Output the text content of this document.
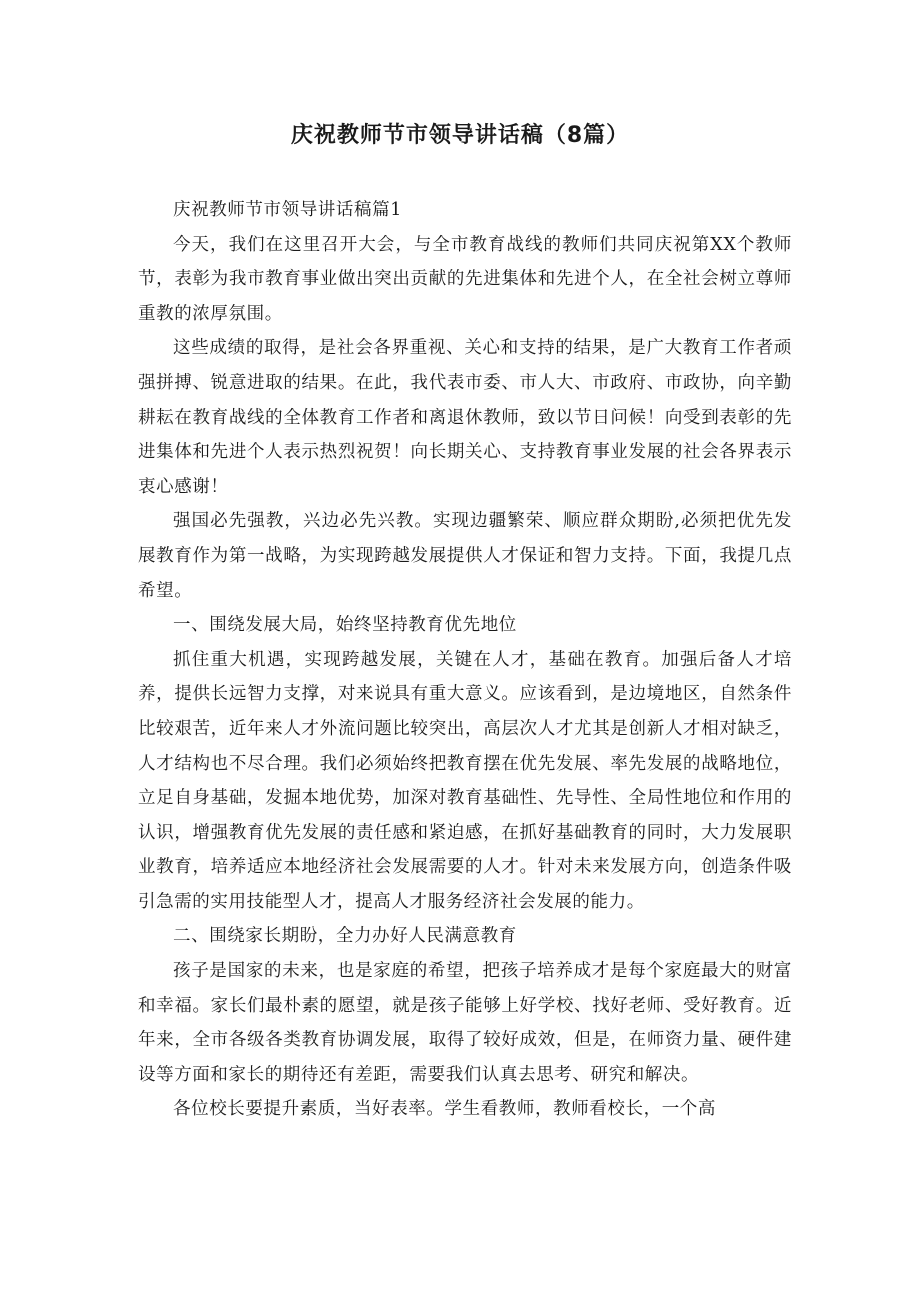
庆祝教师节市领导讲话稿（8篇）

庆祝教师节市领导讲话稿篇1

今天，我们在这里召开大会，与全市教育战线的教师们共同庆祝第XX个教师节，表彰为我市教育事业做出突出贡献的先进集体和先进个人，在全社会树立尊师重教的浓厚氛围。

这些成绩的取得，是社会各界重视、关心和支持的结果，是广大教育工作者顽强拼搏、锐意进取的结果。在此，我代表市委、市人大、市政府、市政协，向辛勤耕耘在教育战线的全体教育工作者和离退休教师，致以节日问候！向受到表彰的先进集体和先进个人表示热烈祝贺！向长期关心、支持教育事业发展的社会各界表示衷心感谢！

强国必先强教，兴边必先兴教。实现边疆繁荣、顺应群众期盼,必须把优先发展教育作为第一战略，为实现跨越发展提供人才保证和智力支持。下面，我提几点希望。

一、围绕发展大局，始终坚持教育优先地位

抓住重大机遇，实现跨越发展，关键在人才，基础在教育。加强后备人才培养，提供长远智力支撑，对来说具有重大意义。应该看到，是边境地区，自然条件比较艰苦，近年来人才外流问题比较突出，高层次人才尤其是创新人才相对缺乏，人才结构也不尽合理。我们必须始终把教育摆在优先发展、率先发展的战略地位，立足自身基础，发掘本地优势，加深对教育基础性、先导性、全局性地位和作用的认识，增强教育优先发展的责任感和紧迫感，在抓好基础教育的同时，大力发展职业教育，培养适应本地经济社会发展需要的人才。针对未来发展方向，创造条件吸引急需的实用技能型人才，提高人才服务经济社会发展的能力。

二、围绕家长期盼，全力办好人民满意教育

孩子是国家的未来，也是家庭的希望，把孩子培养成才是每个家庭最大的财富和幸福。家长们最朴素的愿望，就是孩子能够上好学校、找好老师、受好教育。近年来，全市各级各类教育协调发展，取得了较好成效，但是，在师资力量、硬件建设等方面和家长的期待还有差距，需要我们认真去思考、研究和解决。

各位校长要提升素质，当好表率。学生看教师，教师看校长，一个高
